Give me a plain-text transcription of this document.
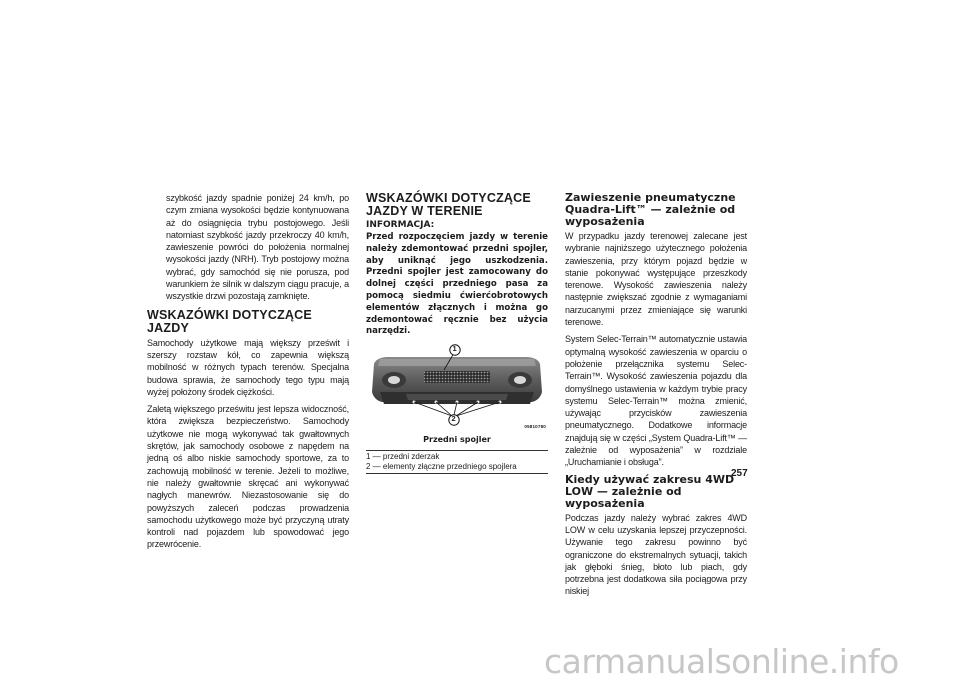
szybkość jazdy spadnie poniżej 24 km/h, po czym zmiana wysokości będzie kontynuowana aż do osiągnięcia trybu postojowego. Jeśli natomiast szybkość jazdy przekroczy 40 km/h, zawieszenie powróci do położenia normalnej wysokości jazdy (NRH). Tryb postojowy można wybrać, gdy samochód się nie porusza, pod warunkiem że silnik w dalszym ciągu pracuje, a wszystkie drzwi pozostają zamknięte.

WSKAZÓWKI DOTYCZĄCE JAZDY

Samochody użytkowe mają większy prześwit i szerszy rozstaw kół, co zapewnia większą mobilność w różnych typach terenów. Specjalna budowa sprawia, że samochody tego typu mają wyżej położony środek ciężkości.

Zaletą większego prześwitu jest lepsza widoczność, która zwiększa bezpieczeństwo. Samochody użytkowe nie mogą wykonywać tak gwałtownych skrętów, jak samochody osobowe z napędem na jedną oś albo niskie samochody sportowe, za to zachowują mobilność w terenie. Jeżeli to możliwe, nie należy gwałtownie skręcać ani wykonywać nagłych manewrów. Niezastosowanie się do powyższych zaleceń podczas prowadzenia samochodu użytkowego może być przyczyną utraty kontroli nad pojazdem lub spowodować jego przewrócenie.

WSKAZÓWKI DOTYCZĄCE JAZDY W TERENIE
INFORMACJA:

Przed rozpoczęciem jazdy w terenie należy zdemontować przedni spojler, aby uniknąć jego uszkodzenia. Przedni spojler jest zamocowany do dolnej części przedniego pasa za pomocą siedmiu ćwierćobrotowych elementów złącznych i można go zdemontować ręcznie bez użycia narzędzi.

1
2
05810780
Przedni spojler
1 — przedni zderzak
2 — elementy złączne przedniego spojlera
Zawieszenie pneumatyczne Quadra-Lift™ — zależnie od wyposażenia

W przypadku jazdy terenowej zalecane jest wybranie najniższego użytecznego położenia zawieszenia, przy którym pojazd będzie w stanie pokonywać występujące przeszkody terenowe. Wysokość zawieszenia należy następnie zwiększać zgodnie z wymaganiami narzucanymi przez zmieniające się warunki terenowe.

System Selec-Terrain™ automatycznie ustawia optymalną wysokość zawieszenia w oparciu o położenie przełącznika systemu Selec-Terrain™. Wysokość zawieszenia pojazdu dla domyślnego ustawienia w każdym trybie pracy systemu Selec-Terrain™ można zmienić, używając przycisków zawieszenia pneumatycznego. Dodatkowe informacje znajdują się w części „System Quadra-Lift™ — zależnie od wyposażenia” w rozdziale „Uruchamianie i obsługa”.

Kiedy używać zakresu 4WD LOW — zależnie od wyposażenia

Podczas jazdy należy wybrać zakres 4WD LOW w celu uzyskania lepszej przyczepności. Używanie tego zakresu powinno być ograniczone do ekstremalnych sytuacji, takich jak głęboki śnieg, błoto lub piach, gdy potrzebna jest dodatkowa siła pociągowa przy niskiej

257
carmanualsonline.info
